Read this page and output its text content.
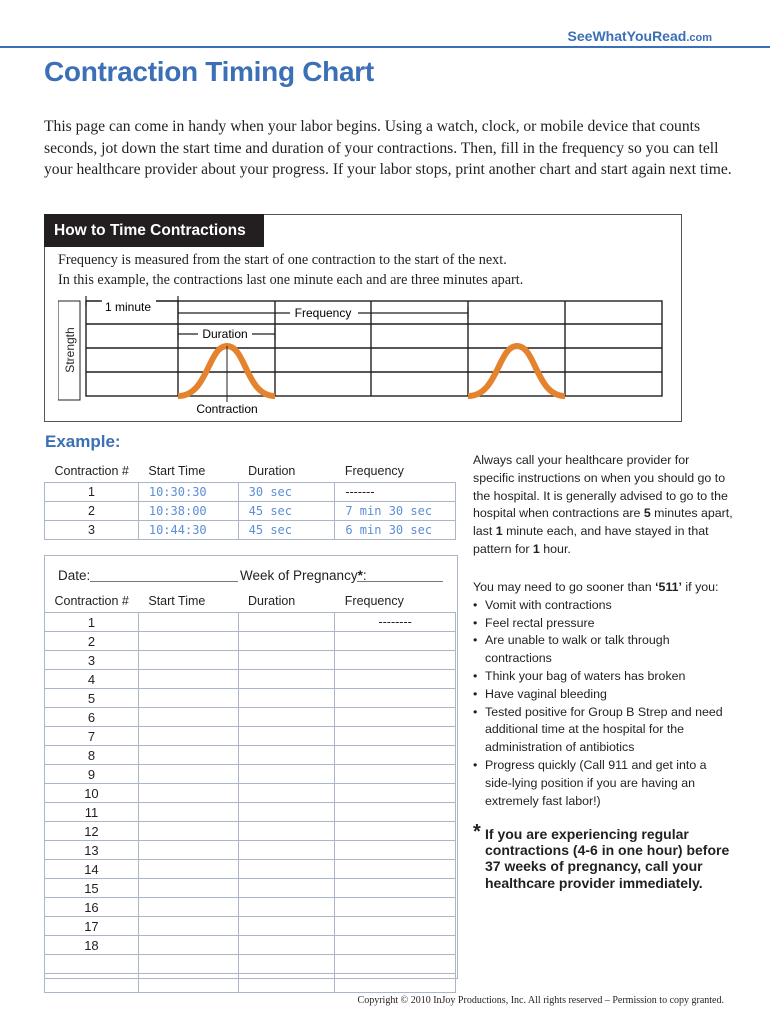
SeeWhatYouRead.com
Contraction Timing Chart
This page can come in handy when your labor begins. Using a watch, clock, or mobile device that counts seconds, jot down the start time and duration of your contractions. Then, fill in the frequency so you can tell your healthcare provider about your progress. If your labor stops, print another chart and start again next time.
How to Time Contractions
Frequency is measured from the start of one contraction to the start of the next.
In this example, the contractions last one minute each and are three minutes apart.
Strength
1 minute	Frequency
Duration
Contraction
Example:
Contraction #	Start Time	Duration	Frequency
1	10:30:30	30 sec	-------
2	10:38:00	45 sec	7 min 30 sec
3	10:44:30	45 sec	6 min 30 sec
Date:	Week of Pregnancy*:
Contraction #	Start Time	Duration	Frequency
1			--------
2			
3			
4			
5			
6			
7			
8			
9			
10			
11			
12			
13			
14			
15			
16			
17			
18			

Always call your healthcare provider for specific instructions on when you should go to the hospital. It is generally advised to go to the hospital when contractions are 5 minutes apart, last 1 minute each, and have stayed in that pattern for 1 hour.
You may need to go sooner than ‘511’ if you:
• Vomit with contractions
• Feel rectal pressure
• Are unable to walk or talk through contractions
• Think your bag of waters has broken
• Have vaginal bleeding
• Tested positive for Group B Strep and need additional time at the hospital for the administration of antibiotics
• Progress quickly (Call 911 and get into a side-lying position if you are having an extremely fast labor!)
* If you are experiencing regular contractions (4-6 in one hour) before 37 weeks of pregnancy, call your healthcare provider immediately.
Copyright © 2010 InJoy Productions, Inc. All rights reserved – Permission to copy granted.
